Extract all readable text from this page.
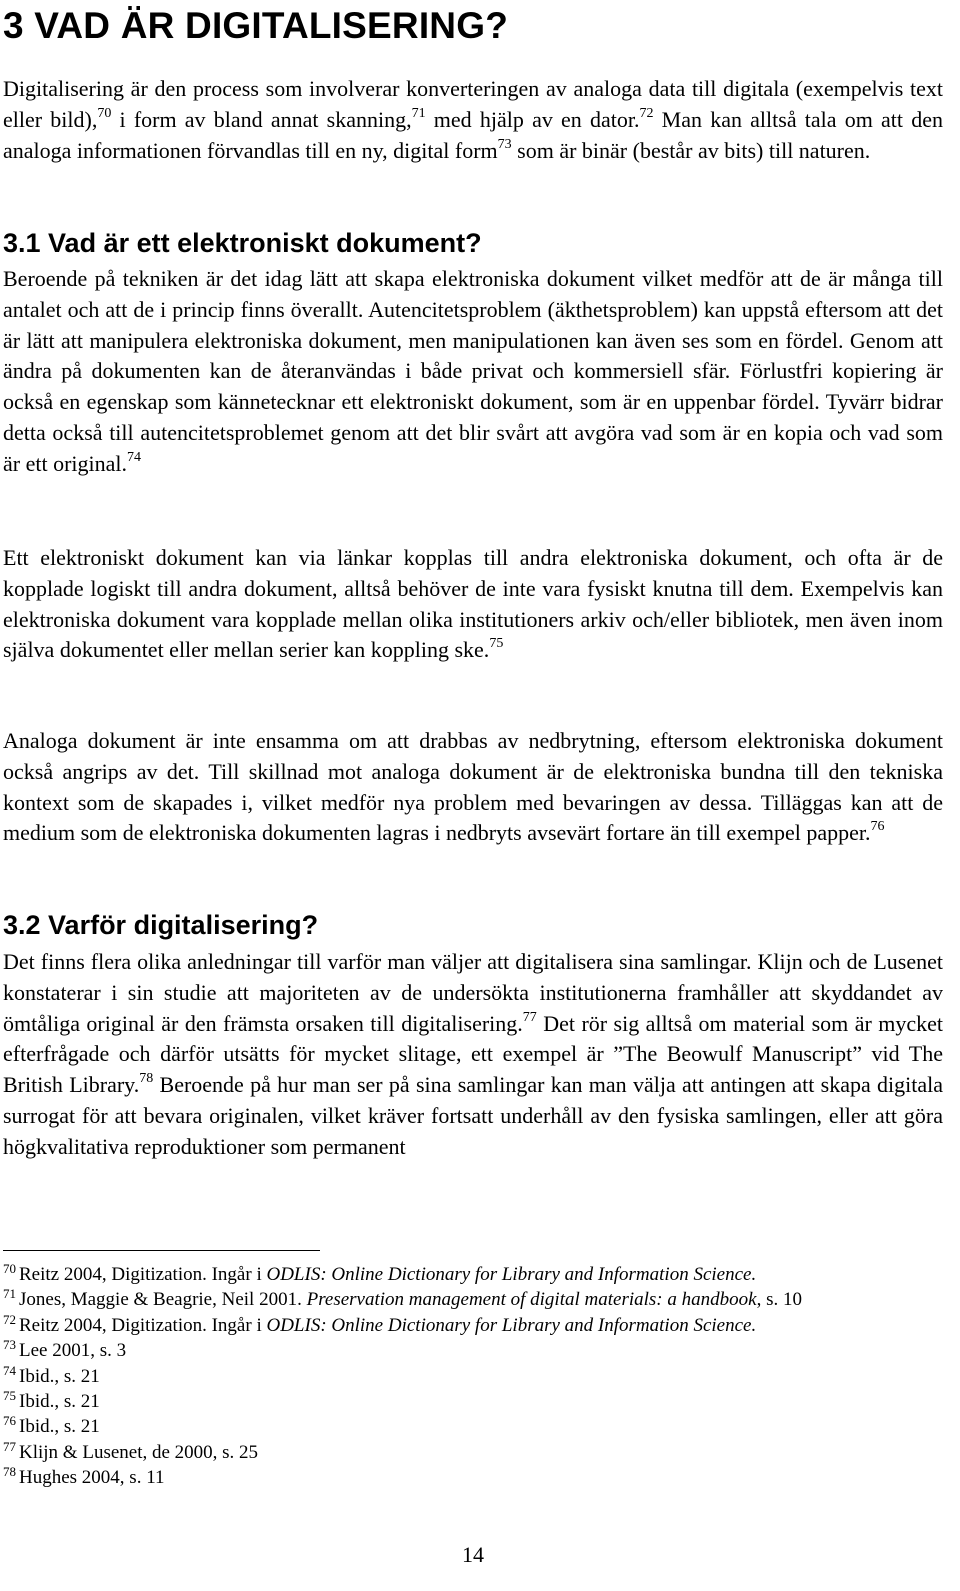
3 VAD ÄR DIGITALISERING?

Digitalisering är den process som involverar konverteringen av analoga data till digitala (exempelvis text eller bild),$^{70}$ i form av bland annat skanning,$^{71}$ med hjälp av en dator.$^{72}$ Man kan alltså tala om att den analoga informationen förvandlas till en ny, digital form$^{73}$ som är binär (består av bits) till naturen.

3.1 Vad är ett elektroniskt dokument?

Beroende på tekniken är det idag lätt att skapa elektroniska dokument vilket medför att de är många till antalet och att de i princip finns överallt. Autencitetsproblem (äkthetsproblem) kan uppstå eftersom att det är lätt att manipulera elektroniska dokument, men manipulationen kan även ses som en fördel. Genom att ändra på dokumenten kan de återanvändas i både privat och kommersiell sfär. Förlustfri kopiering är också en egenskap som kännetecknar ett elektroniskt dokument, som är en uppenbar fördel. Tyvärr bidrar detta också till autencitetsproblemet genom att det blir svårt att avgöra vad som är en kopia och vad som är ett original.$^{74}$

Ett elektroniskt dokument kan via länkar kopplas till andra elektroniska dokument, och ofta är de kopplade logiskt till andra dokument, alltså behöver de inte vara fysiskt knutna till dem. Exempelvis kan elektroniska dokument vara kopplade mellan olika institutioners arkiv och/eller bibliotek, men även inom själva dokumentet eller mellan serier kan koppling ske.$^{75}$

Analoga dokument är inte ensamma om att drabbas av nedbrytning, eftersom elektroniska dokument också angrips av det. Till skillnad mot analoga dokument är de elektroniska bundna till den tekniska kontext som de skapades i, vilket medför nya problem med bevaringen av dessa. Tilläggas kan att de medium som de elektroniska dokumenten lagras i nedbryts avsevärt fortare än till exempel papper.$^{76}$

3.2 Varför digitalisering?

Det finns flera olika anledningar till varför man väljer att digitalisera sina samlingar. Klijn och de Lusenet konstaterar i sin studie att majoriteten av de undersökta institutionerna framhåller att skyddandet av ömtåliga original är den främsta orsaken till digitalisering.$^{77}$ Det rör sig alltså om material som är mycket efterfrågade och därför utsätts för mycket slitage, ett exempel är ”The Beowulf Manuscript” vid The British Library.$^{78}$ Beroende på hur man ser på sina samlingar kan man välja att antingen att skapa digitala surrogat för att bevara originalen, vilket kräver fortsatt underhåll av den fysiska samlingen, eller att göra högkvalitativa reproduktioner som permanent

$^{70}$ Reitz 2004, Digitization. Ingår i ODLIS: Online Dictionary for Library and Information Science.
$^{71}$ Jones, Maggie & Beagrie, Neil 2001. Preservation management of digital materials: a handbook, s. 10
$^{72}$ Reitz 2004, Digitization. Ingår i ODLIS: Online Dictionary for Library and Information Science.
$^{73}$ Lee 2001, s. 3
$^{74}$ Ibid., s. 21
$^{75}$ Ibid., s. 21
$^{76}$ Ibid., s. 21
$^{77}$ Klijn & Lusenet, de 2000, s. 25
$^{78}$ Hughes 2004, s. 11
14
